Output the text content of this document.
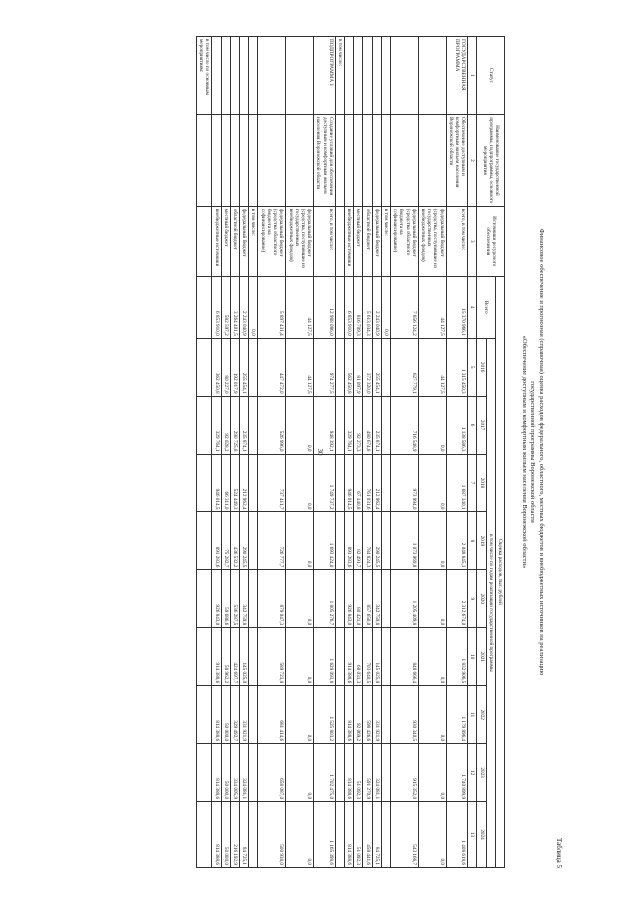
30
Таблица 5
Финансовое обеспечение и прогнозная (справочная) оценка расходов федерального, областного, местных бюджетов и внебюджетных источников на реализацию
государственной программы Воронежской области
«Обеспечение доступным и комфортным жильем населения Воронежской области»
Статус	Наименование государственной программы, подпрограммы, основного мероприятия	Источники ресурсного обеспечения	Оценка расходов, тыс. рублей									
			Всего	в том числе по годам реализации государственной программы								
				2016	2017	2018	2019	2020	2021	2022	2023	2024
1	2	3	4	5	6	7	8	9	10	11	12	13
ГОСУДАРСТВЕННАЯ ПРОГРАММА	Обеспечение доступным и комфортным жильем населения Воронежской области	всего, в том числе:	15 370 966,1	1 315 450,3	1 138 586,3	1 687 140,1	2 048 845,1	2 312 674,0	1 832 906,5	1 179 896,4	1 740 899,9	1 408 618,6
		федеральный бюджет (средства, поступившие из государственных внебюджетных фондов)	44 127,5	44 127,5	0,0	0,0	0,0	0,0	0,0	0,0	0,0	0,0
		федеральный бюджет (средства областного бюджета на софинансирование)	7 856 124,2	627 779,1	716 548,9	973 994,0	1 073 069,8	1 205 409,8	848 666,4	930 340,5	915 352,0	543 166,7
		в том числе:	0,0									
		федеральный бюджет	2 243 040,9	255 454,1	235 874,1	212 962,4	290 245,5	342 759,8	145 025,0	331 921,9	324 081,1	84 725,1
		областной бюджет	5 613 034,3	372 320,0	480 674,8	761 031,6	784 824,3	857 650,0	703 640,5	598 426,6	591 270,9	458 441,6
		местный бюджет	816 709,3	81 097,9	92 273,3	67 140,8	82 491,7	80 421,0	60 031,3	92 069,2	51 092,3	51 092,3
		внебюджетные источники	6 853 910,0	562 450,8	329 764,1	946 014,5	891 283,6	926 843,0	914 388,6	814 388,6	814 388,6	814 388,6
в том числе:												
ПОДПРОГРАММА 1	Создание условий для обеспечения доступным и комфортным жильем населения Воронежской области	всего, в том числе:	12 988 086,0	974 277,5	948 392,1	1 749 737,2	1 693 424,0	1 805 276,7	1 629 093,8	1 525 803,2	1 702 475,0	1 165 398,6
		федеральный бюджет (средства, поступившие из государственных внебюджетных фондов)	44 127,5	44 127,5	0,0	0,0	0,0	0,0	0,0	0,0	0,0	0,0
		федеральный бюджет (средства областного бюджета на софинансирование)	5 897 431,4	447 472,0	526 996,0	737 411,7	726 777,7	879 047,3	589 723,0	681 414,6	658 087,0	500 938,0
		в том числе:	0,0									
		федеральный бюджет	2 243 040,9	255 454,1	235 874,1	212 962,4	290 245,5	342 759,8	145 025,0	331 921,9	324 081,1	84 725,1
		областной бюджет	3 264 401,5	192 017,9	290 725,8	524 449,3	436 532,2	536 287,5	424 697,7	329 492,7	334 005,9	216 192,9
		местный бюджет	582 597,2	80 227,0	92 028,2	66 311,0	75 282,7	59 686,6	58 962,2	50 000,0	50 000,0	50 000,0
		внебюджетные источники	6 853 910,0	362 450,8	329 764,1	946 014,5	891 283,6	926 843,0	914 388,6	814 388,6	814 388,6	814 388,6
в том числе по основным мероприятиям:												
